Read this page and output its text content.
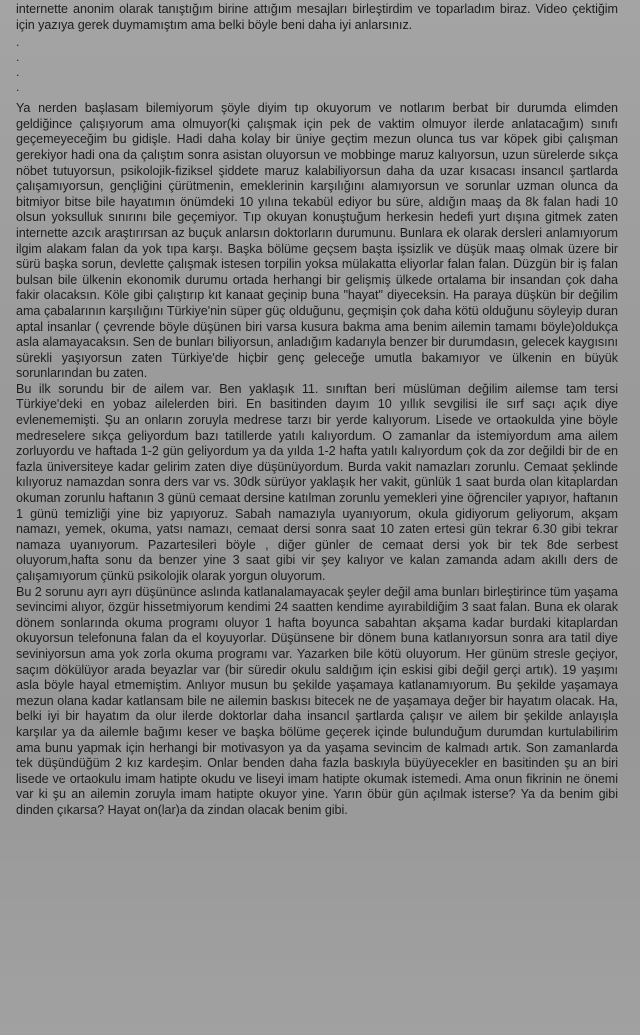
internette anonim olarak tanıştığım birine attığım mesajları birleştirdim ve toparladım biraz. Video çektiğim için yazıya gerek duymamıştım ama belki böyle beni daha iyi anlarsınız.

.
.
.
.

Ya nerden başlasam bilemiyorum şöyle diyim tıp okuyorum ve notlarım berbat bir durumda elimden geldiğince çalışıyorum ama olmuyor(ki çalışmak için pek de vaktim olmuyor ilerde anlatacağım) sınıfı geçemeyeceğim bu gidişle. Hadi daha kolay bir üniye geçtim mezun olunca tus var köpek gibi çalışman gerekiyor hadi ona da çalıştım sonra asistan oluyorsun ve mobbinge maruz kalıyorsun, uzun sürelerde sıkça nöbet tutuyorsun, psikolojik-fiziksel şiddete maruz kalabiliyorsun daha da uzar kısacası insancıl şartlarda çalışamıyorsun, gençliğini çürütmenin, emeklerinin karşılığını alamıyorsun ve sorunlar uzman olunca da bitmiyor bitse bile hayatımın önümdeki 10 yılına tekabül ediyor bu süre, aldığın maaş da 8k falan hadi 10 olsun yoksulluk sınırını bile geçemiyor. Tıp okuyan konuştuğum herkesin hedefi yurt dışına gitmek zaten internette azcık araştırırsan az buçuk anlarsın doktorların durumunu. Bunlara ek olarak dersleri anlamıyorum ilgim alakam falan da yok tıpa karşı. Başka bölüme geçsem başta işsizlik ve düşük maaş olmak üzere bir sürü başka sorun, devlette çalışmak istesen torpilin yoksa mülakatta eliyorlar falan falan. Düzgün bir iş falan bulsan bile ülkenin ekonomik durumu ortada herhangi bir gelişmiş ülkede ortalama bir insandan çok daha fakir olacaksın. Köle gibi çalıştırıp kıt kanaat geçinip buna "hayat" diyeceksin. Ha paraya düşkün bir değilim ama çabalarının karşılığını Türkiye'nin süper güç olduğunu, geçmişin çok daha kötü olduğunu söyleyip duran aptal insanlar ( çevrende böyle düşünen biri varsa kusura bakma ama benim ailemin tamamı böyle)oldukça asla alamayacaksın. Sen de bunları biliyorsun, anladığım kadarıyla benzer bir durumdasın, gelecek kaygısını sürekli yaşıyorsun zaten Türkiye'de hiçbir genç geleceğe umutla bakamıyor ve ülkenin en büyük sorunlarından bu zaten.

Bu ilk sorundu bir de ailem var. Ben yaklaşık 11. sınıftan beri müslüman değilim ailemse tam tersi Türkiye'deki en yobaz ailelerden biri. En basitinden dayım 10 yıllık sevgilisi ile sırf saçı açık diye evlenememişti. Şu an onların zoruyla medrese tarzı bir yerde kalıyorum. Lisede ve ortaokulda yine böyle medreselere sıkça geliyordum bazı tatillerde yatılı kalıyordum. O zamanlar da istemiyordum ama ailem zorluyordu ve haftada 1-2 gün geliyordum ya da yılda 1-2 hafta yatılı kalıyordum çok da zor değildi bir de en fazla üniversiteye kadar gelirim zaten diye düşünüyordum. Burda vakit namazları zorunlu. Cemaat şeklinde kılıyoruz namazdan sonra ders var vs. 30dk sürüyor yaklaşık her vakit, günlük 1 saat burda olan kitaplardan okuman zorunlu haftanın 3 günü cemaat dersine katılman zorunlu yemekleri yine öğrenciler yapıyor, haftanın 1 günü temizliği yine biz yapıyoruz. Sabah namazıyla uyanıyorum, okula gidiyorum geliyorum, akşam namazı, yemek, okuma, yatsı namazı, cemaat dersi sonra saat 10 zaten ertesi gün tekrar 6.30 gibi tekrar namaza uyanıyorum. Pazartesileri böyle , diğer günler de cemaat dersi yok bir tek 8de serbest oluyorum,hafta sonu da benzer yine 3 saat gibi vir şey kalıyor ve kalan zamanda adam akıllı ders de çalışamıyorum çünkü psikolojik olarak yorgun oluyorum.

Bu 2 sorunu ayrı ayrı düşününce aslında katlanalamayacak şeyler değil ama bunları birleştirince tüm yaşama sevincimi alıyor, özgür hissetmiyorum kendimi 24 saatten kendime ayırabildiğim 3 saat falan. Buna ek olarak dönem sonlarında okuma programı oluyor 1 hafta boyunca sabahtan akşama kadar burdaki kitaplardan okuyorsun telefonuna falan da el koyuyorlar. Düşünsene bir dönem buna katlanıyorsun sonra ara tatil diye seviniyorsun ama yok zorla okuma programı var. Yazarken bile kötü oluyorum. Her günüm stresle geçiyor, saçım dökülüyor arada beyazlar var (bir süredir okulu saldığım için eskisi gibi değil gerçi artık). 19 yaşımı asla böyle hayal etmemiştim. Anlıyor musun bu şekilde yaşamaya katlanamıyorum. Bu şekilde yaşamaya mezun olana kadar katlansam bile ne ailemin baskısı bitecek ne de yaşamaya değer bir hayatım olacak. Ha, belki iyi bir hayatım da olur ilerde doktorlar daha insancıl şartlarda çalışır ve ailem bir şekilde anlayışla karşılar ya da ailemle bağımı keser ve başka bölüme geçerek içinde bulunduğum durumdan kurtulabilirim ama bunu yapmak için herhangi bir motivasyon ya da yaşama sevincim de kalmadı artık. Son zamanlarda tek düşündüğüm 2 kız kardeşim. Onlar benden daha fazla baskıyla büyüyecekler en basitinden şu an biri lisede ve ortaokulu imam hatipte okudu ve liseyi imam hatipte okumak istemedi. Ama onun fikrinin ne önemi var ki şu an ailemin zoruyla imam hatipte okuyor yine. Yarın öbür gün açılmak isterse? Ya da benim gibi dinden çıkarsa? Hayat on(lar)a da zindan olacak benim gibi.
